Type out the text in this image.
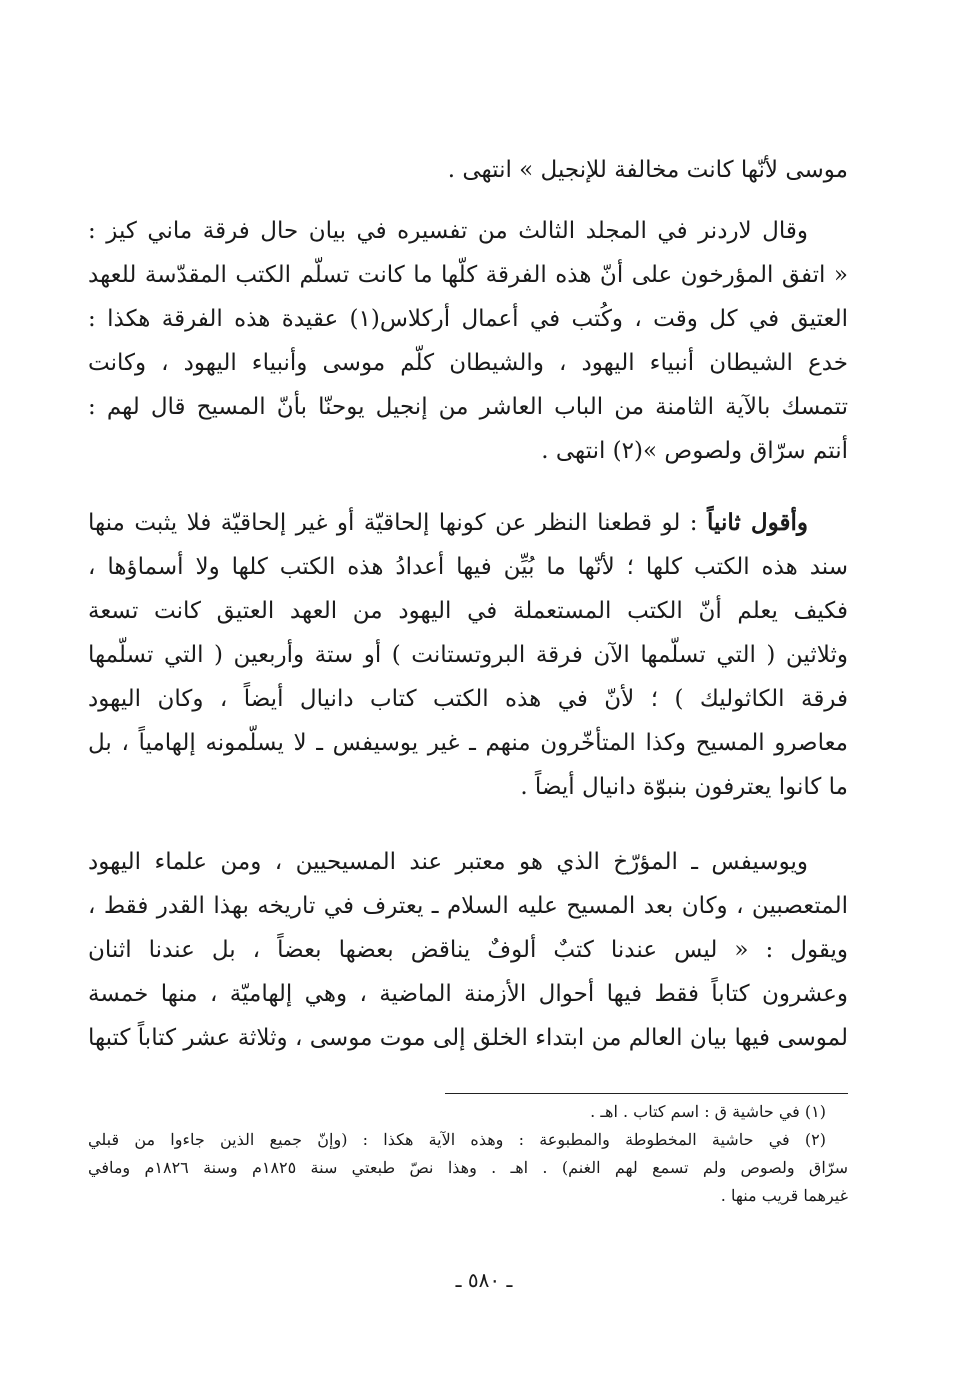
موسى لأنّها كانت مخالفة للإنجيل » انتهى .
وقال لاردنر في المجلد الثالث من تفسيره في بيان حال فرقة ماني كيز :
« اتفق المؤرخون على أنّ هذه الفرقة كلّها ما كانت تسلّم الكتب المقدّسة للعهد
العتيق في كل وقت ، وكُتب في أعمال أركلاس(١) عقيدة هذه الفرقة هكذا :
خدع الشيطان أنبياء اليهود ، والشيطان كلّم موسى وأنبياء اليهود ، وكانت
تتمسك بالآية الثامنة من الباب العاشر من إنجيل يوحنّا بأنّ المسيح قال لهم :
أنتم سرّاق ولصوص »(٢) انتهى .
وأقول ثانياً : لو قطعنا النظر عن كونها إلحاقيّة أو غير إلحاقيّة فلا يثبت منها
سند هذه الكتب كلها ؛ لأنّها ما بُيِّن فيها أعدادُ هذه الكتب كلها ولا أسماؤها ،
فكيف يعلم أنّ الكتب المستعملة في اليهود من العهد العتيق كانت تسعة
وثلاثين ( التي تسلّمها الآن فرقة البروتستانت ) أو ستة وأربعين ( التي تسلّمها
فرقة الكاثوليك ) ؛ لأنّ في هذه الكتب كتاب دانيال أيضاً ، وكان اليهود
معاصرو المسيح وكذا المتأخّرون منهم ـ غير يوسيفس ـ لا يسلّمونه إلهامياً ، بل
ما كانوا يعترفون بنبوّة دانيال أيضاً .
ويوسيفس ـ المؤرّخ الذي هو معتبر عند المسيحيين ، ومن علماء اليهود
المتعصبين ، وكان بعد المسيح عليه السلام ـ يعترف في تاريخه بهذا القدر فقط ،
ويقول : « ليس عندنا كتبٌ ألوفٌ يناقض بعضها بعضاً ، بل عندنا اثنان
وعشرون كتاباً فقط فيها أحوال الأزمنة الماضية ، وهي إلهاميّة ، منها خمسة
لموسى فيها بيان العالم من ابتداء الخلق إلى موت موسى ، وثلاثة عشر كتاباً كتبها
(١) في حاشية ق : اسم كتاب . اهـ .
(٢) في حاشية المخطوطة والمطبوعة : وهذه الآية هكذا : (وإنّ جميع الذين جاءوا من قبلي
سرّاق ولصوص ولم تسمع لهم الغنم) . اهـ . وهذا نصّ طبعتي سنة ١٨٢٥م وسنة ١٨٢٦م ومافي
غيرهما قريب منها .
ـ ٥٨٠ ـ
